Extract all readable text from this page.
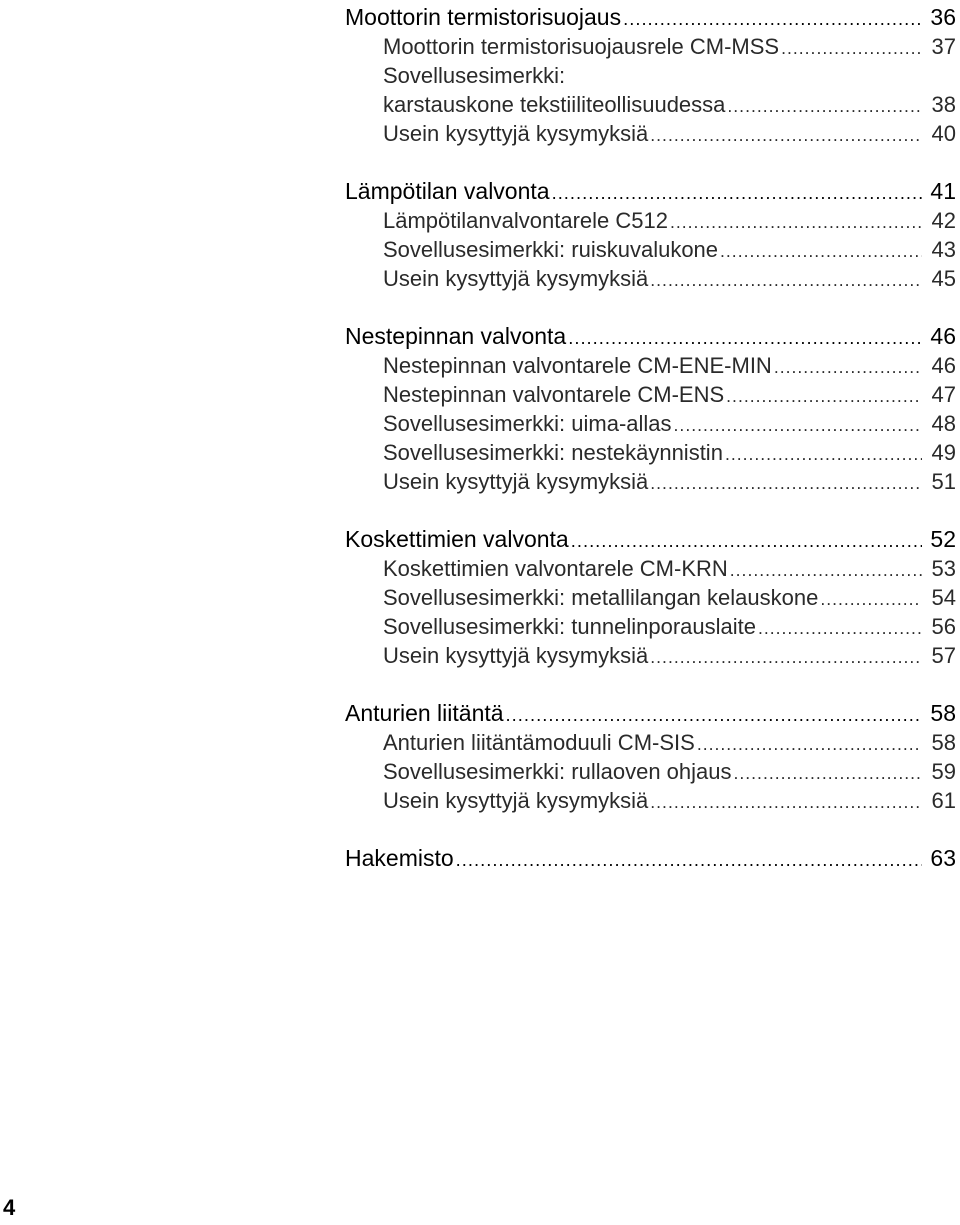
Moottorin termistorisuojaus .....	36
Moottorin termistorisuojausrele CM-MSS .....	37
Sovellusesimerkki:
karstauskone tekstiiliteollisuudessa .....	38
Usein kysyttyjä kysymyksiä .....	40
Lämpötilan valvonta .....	41
Lämpötilanvalvontarele C512 .....	42
Sovellusesimerkki: ruiskuvalukone .....	43
Usein kysyttyjä kysymyksiä .....	45
Nestepinnan valvonta .....	46
Nestepinnan valvontarele CM-ENE-MIN .....	46
Nestepinnan valvontarele CM-ENS .....	47
Sovellusesimerkki: uima-allas .....	48
Sovellusesimerkki: nestekäynnistin .....	49
Usein kysyttyjä kysymyksiä .....	51
Koskettimien valvonta .....	52
Koskettimien valvontarele CM-KRN .....	53
Sovellusesimerkki: metallilangan kelauskone .....	54
Sovellusesimerkki: tunnelinporauslaite .....	56
Usein kysyttyjä kysymyksiä .....	57
Anturien liitäntä .....	58
Anturien liitäntämoduuli CM-SIS .....	58
Sovellusesimerkki: rullaoven ohjaus .....	59
Usein kysyttyjä kysymyksiä .....	61
Hakemisto .....	63
4
